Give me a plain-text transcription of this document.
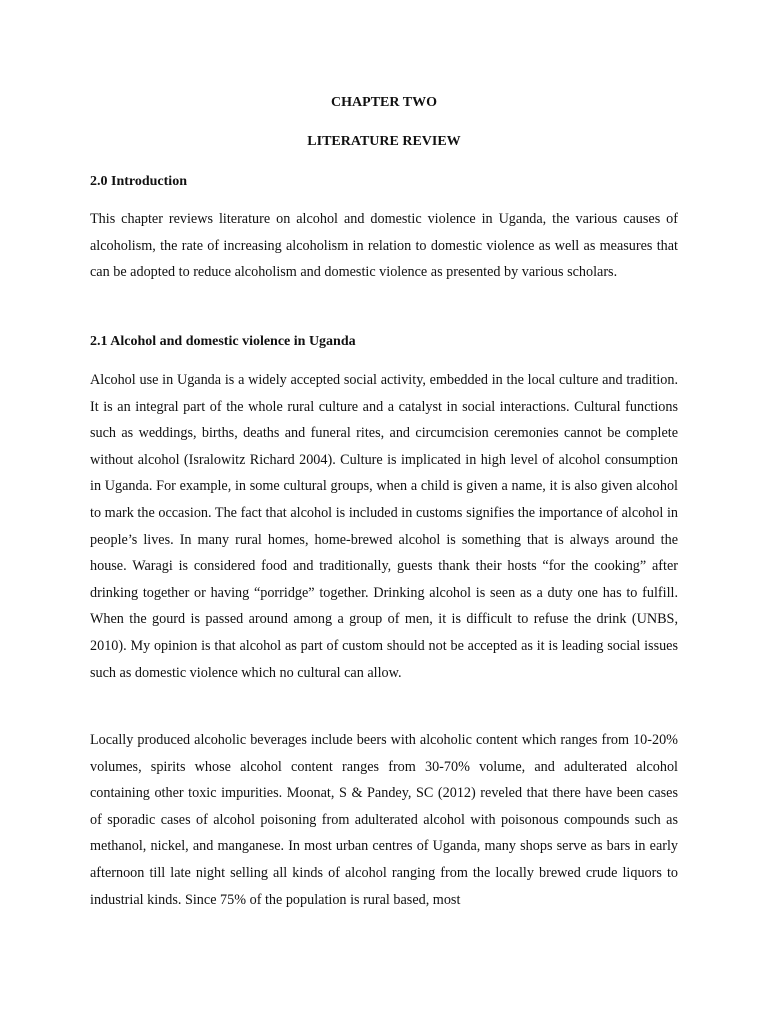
CHAPTER TWO
LITERATURE REVIEW
2.0 Introduction

This chapter reviews literature on alcohol and domestic violence in Uganda, the various causes of alcoholism, the rate of increasing alcoholism in relation to domestic violence as well as measures that can be adopted to reduce alcoholism and domestic violence as presented by various scholars.

2.1 Alcohol and domestic violence in Uganda

Alcohol use in Uganda is a widely accepted social activity, embedded in the local culture and tradition. It is an integral part of the whole rural culture and a catalyst in social interactions. Cultural functions such as weddings, births, deaths and funeral rites, and circumcision ceremonies cannot be complete without alcohol (Isralowitz Richard 2004). Culture is implicated in high level of alcohol consumption in Uganda. For example, in some cultural groups, when a child is given a name, it is also given alcohol to mark the occasion. The fact that alcohol is included in customs signifies the importance of alcohol in people’s lives. In many rural homes, home-brewed alcohol is something that is always around the house. Waragi is considered food and traditionally, guests thank their hosts “for the cooking” after drinking together or having “porridge” together. Drinking alcohol is seen as a duty one has to fulfill. When the gourd is passed around among a group of men, it is difficult to refuse the drink (UNBS, 2010). My opinion is that alcohol as part of custom should not be accepted as it is leading social issues such as domestic violence which no cultural can allow.

Locally produced alcoholic beverages include beers with alcoholic content which ranges from 10-20% volumes, spirits whose alcohol content ranges from 30-70% volume, and adulterated alcohol containing other toxic impurities. Moonat, S & Pandey, SC (2012) reveled that there have been cases of sporadic cases of alcohol poisoning from adulterated alcohol with poisonous compounds such as methanol, nickel, and manganese. In most urban centres of Uganda, many shops serve as bars in early afternoon till late night selling all kinds of alcohol ranging from the locally brewed crude liquors to industrial kinds. Since 75% of the population is rural based, most
